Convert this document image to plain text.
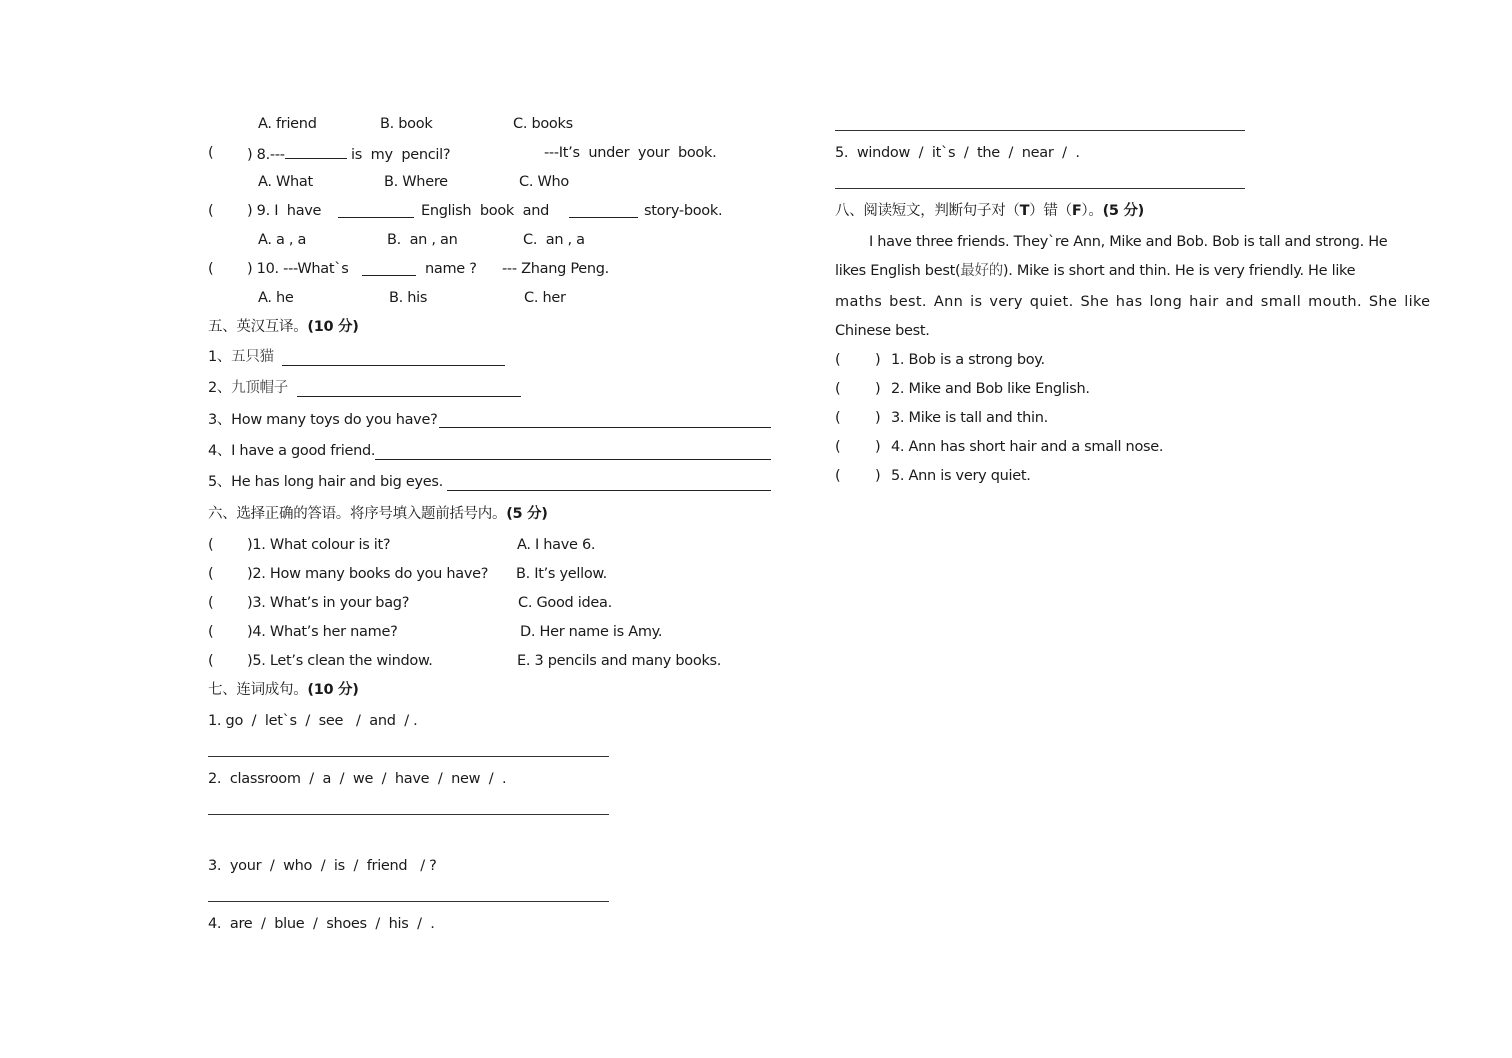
A. friend	B. book	C. books
( ) 8.---	is  my  pencil?	---It’s  under  your  book.
A. What	B. Where	C. Who
( ) 9. I  have	English  book  and	story-book.
A. a , a	B.  an , an	C.  an , a
( ) 10. ---What`s	name ? --- Zhang Peng.
A. he	B. his	C. her
五、英汉互译。(10 分)
1、五只猫
2、九顶帽子
3、How many toys do you have?
4、I have a good friend.
5、He has long hair and big eyes.
六、选择正确的答语。将序号填入题前括号内。(5 分)
( )1. What colour is it?	A. I have 6.
( )2. How many books do you have? B. It’s yellow.
( )3. What’s in your bag?	C. Good idea.
( )4. What’s her name?	D. Her name is Amy.
( )5. Let’s clean the window.	E. 3 pencils and many books.
七、连词成句。(10 分)
1. go  /  let`s  /  see   /  and  / .
2.  classroom  /  a  /  we  /  have  /  new  /  .
3.  your  /  who  /  is  /  friend   / ?
4.  are  /  blue  /  shoes  /  his  /  .
5.  window  /  it`s  /  the  /  near  /  .
八、阅读短文，判断句子对（T）错（F）。(5 分)
I have three friends. They`re Ann, Mike and Bob. Bob is tall and strong. He
likes English best(最好的). Mike is short and thin. He is very friendly. He like
maths best. Ann is very quiet. She has long hair and small mouth. She like
Chinese best.
( ) 1. Bob is a strong boy.
( ) 2. Mike and Bob like English.
( ) 3. Mike is tall and thin.
( ) 4. Ann has short hair and a small nose.
( ) 5. Ann is very quiet.
